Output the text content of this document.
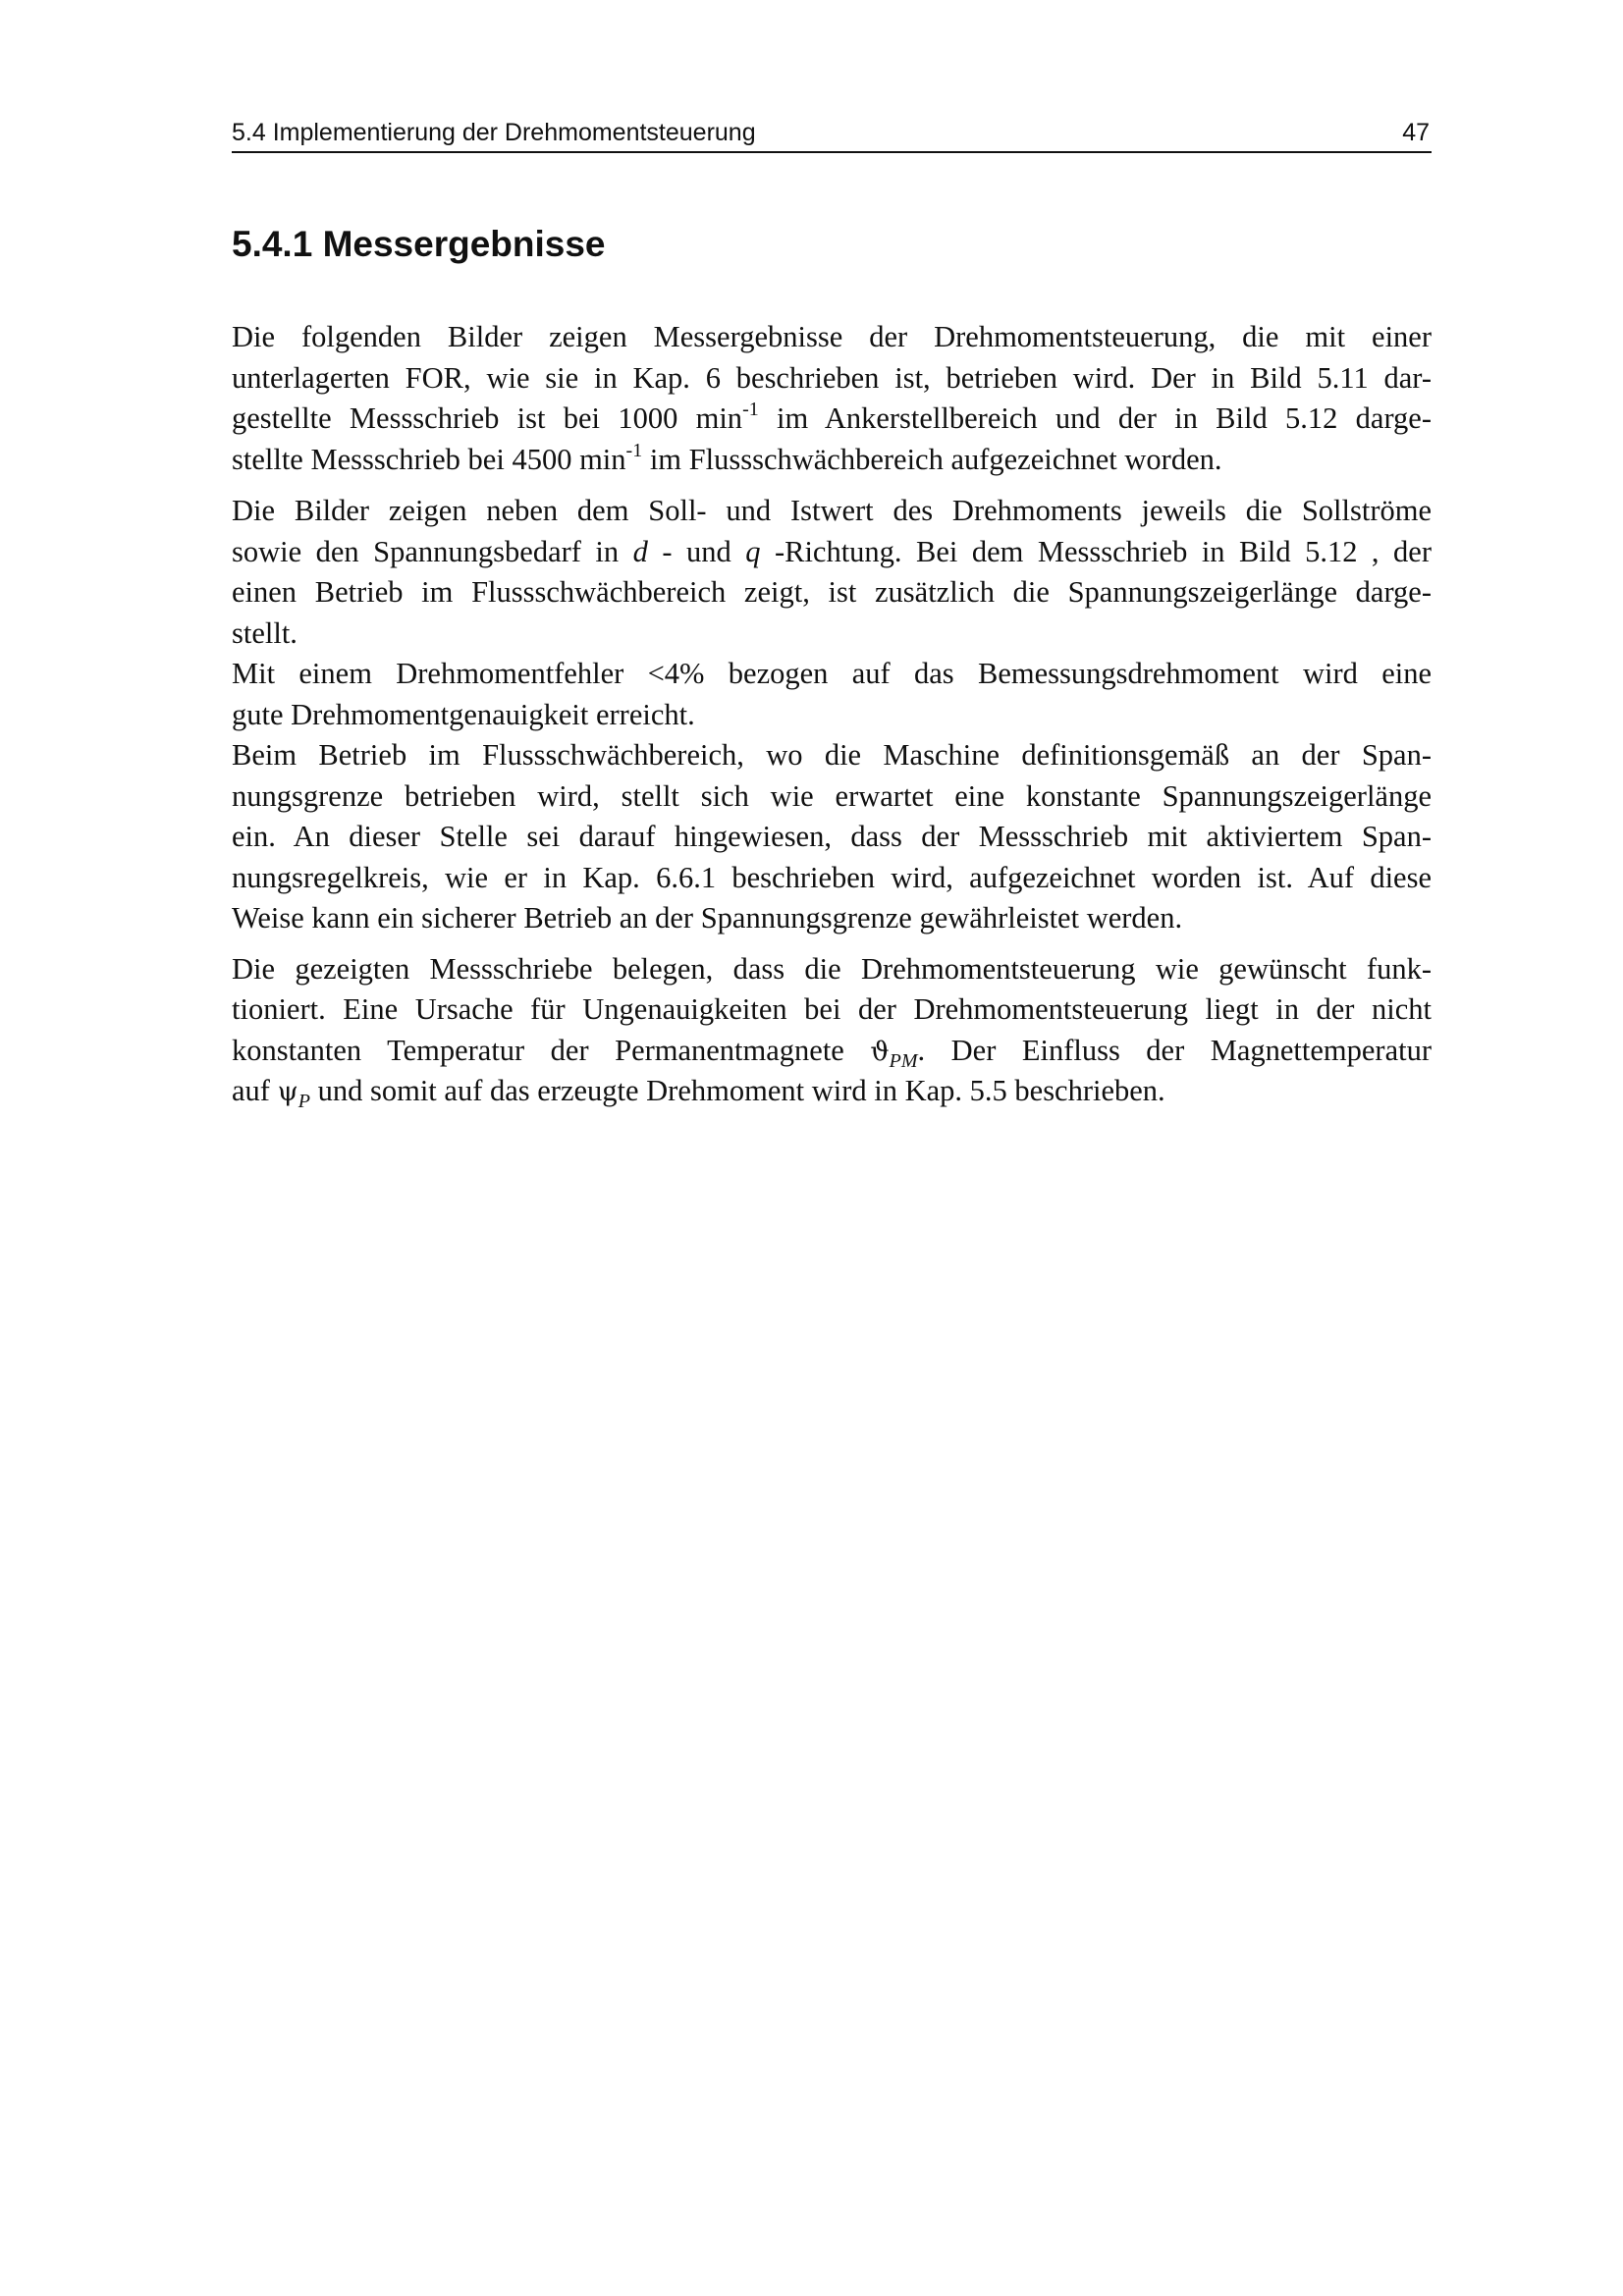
5.4 Implementierung der Drehmomentsteuerung	47
5.4.1 Messergebnisse
Die folgenden Bilder zeigen Messergebnisse der Drehmomentsteuerung, die mit einer
unterlagerten FOR, wie sie in Kap. 6 beschrieben ist, betrieben wird. Der in Bild 5.11 dar-
gestellte Messschrieb ist bei 1000 $\min^{-1}$ im Ankerstellbereich und der in Bild 5.12 darge-
stellte Messschrieb bei 4500 $\min^{-1}$ im Flussschwächbereich aufgezeichnet worden.
Die Bilder zeigen neben dem Soll- und Istwert des Drehmoments jeweils die Sollströme
sowie den Spannungsbedarf in d - und q -Richtung. Bei dem Messschrieb in Bild 5.12 , der
einen Betrieb im Flussschwächbereich zeigt, ist zusätzlich die Spannungszeigerlänge darge-
stellt.
Mit einem Drehmomentfehler <4% bezogen auf das Bemessungsdrehmoment wird eine
gute Drehmomentgenauigkeit erreicht.
Beim Betrieb im Flussschwächbereich, wo die Maschine definitionsgemäß an der Span-
nungsgrenze betrieben wird, stellt sich wie erwartet eine konstante Spannungszeigerlänge
ein. An dieser Stelle sei darauf hingewiesen, dass der Messschrieb mit aktiviertem Span-
nungsregelkreis, wie er in Kap. 6.6.1 beschrieben wird, aufgezeichnet worden ist. Auf diese
Weise kann ein sicherer Betrieb an der Spannungsgrenze gewährleistet werden.
Die gezeigten Messschriebe belegen, dass die Drehmomentsteuerung wie gewünscht funk-
tioniert. Eine Ursache für Ungenauigkeiten bei der Drehmomentsteuerung liegt in der nicht
konstanten Temperatur der Permanentmagnete $ϑ_{PM}$. Der Einfluss der Magnettemperatur
auf $\psi_P$ und somit auf das erzeugte Drehmoment wird in Kap. 5.5 beschrieben.
